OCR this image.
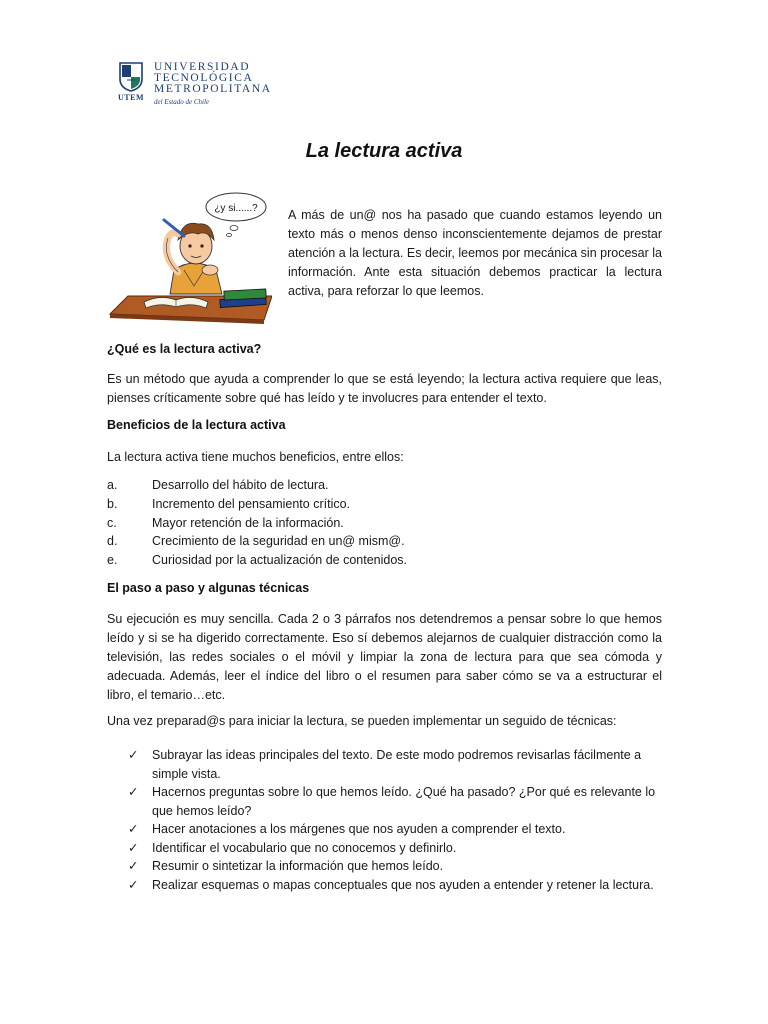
UTEM
UNIVERSIDAD
TECNOLÓGICA
METROPOLITANA
del Estado de Chile
La lectura activa
¿y si......? A más de un@ nos ha pasado que cuando estamos leyendo un texto más o menos denso inconscientemente dejamos de prestar atención a la lectura. Es decir, leemos por mecánica sin procesar la información. Ante esta situación debemos practicar la lectura activa, para reforzar lo que leemos.
¿Qué es la lectura activa?
Es un método que ayuda a comprender lo que se está leyendo; la lectura activa requiere que leas, pienses críticamente sobre qué has leído y te involucres para entender el texto.
Beneficios de la lectura activa
La lectura activa tiene muchos beneficios, entre ellos:
a.	Desarrollo del hábito de lectura.
b.	Incremento del pensamiento crítico.
c.	Mayor retención de la información.
d.	Crecimiento de la seguridad en un@ mism@.
e.	Curiosidad por la actualización de contenidos.
El paso a paso y algunas técnicas
Su ejecución es muy sencilla. Cada 2 o 3 párrafos nos detendremos a pensar sobre lo que hemos leído y si se ha digerido correctamente. Eso sí debemos alejarnos de cualquier distracción como la televisión, las redes sociales o el móvil y limpiar la zona de lectura para que sea cómoda y adecuada. Además, leer el índice del libro o el resumen para saber cómo se va a estructurar el libro, el temario…etc.
Una vez preparad@s para iniciar la lectura, se pueden implementar un seguido de técnicas:
✓	Subrayar las ideas principales del texto. De este modo podremos revisarlas fácilmente a simple vista.
✓	Hacernos preguntas sobre lo que hemos leído. ¿Qué ha pasado? ¿Por qué es relevante lo que hemos leído?
✓	Hacer anotaciones a los márgenes que nos ayuden a comprender el texto.
✓	Identificar el vocabulario que no conocemos y definirlo.
✓	Resumir o sintetizar la información que hemos leído.
✓	Realizar esquemas o mapas conceptuales que nos ayuden a entender y retener la lectura.
